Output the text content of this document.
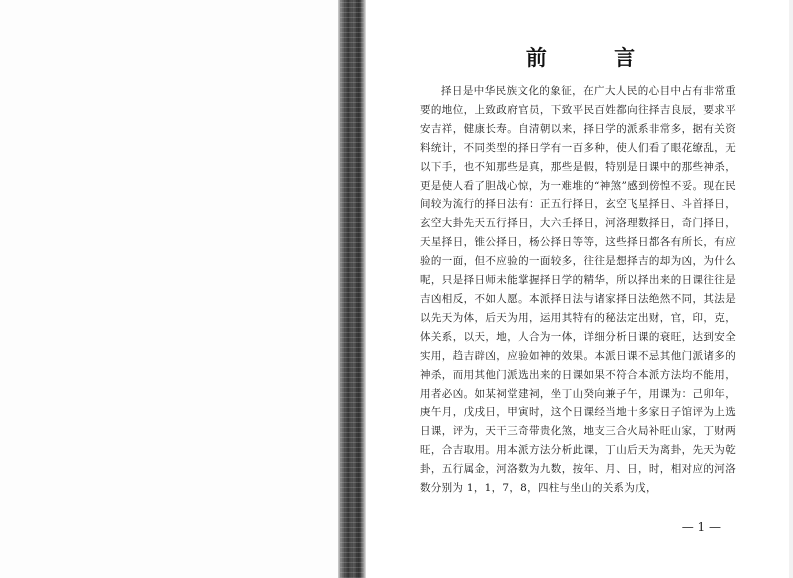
前 言

择日是中华民族文化的象征，在广大人民的心目中占有非常重要的地位，上致政府官员，下致平民百姓都向往择吉良辰，要求平安吉祥，健康长寿。自清朝以来，择日学的派系非常多，据有关资料统计，不同类型的择日学有一百多种，使人们看了眼花缭乱，无以下手，也不知那些是真，那些是假，特别是日课中的那些神杀，更是使人看了胆战心惊，为一难堆的“神煞”感到傍惶不妥。现在民间较为流行的择日法有：正五行择日，玄空飞星择日、斗首择日，玄空大卦先天五行择日，大六壬择日，河洛理数择日，奇门择日，天星择日，锥公择日，杨公择日等等，这些择日都各有所长，有应验的一面，但不应验的一面较多，往往是想择吉的却为凶，为什么呢，只是择日师未能掌握择日学的精华，所以择出来的日课往往是吉凶相反，不如人愿。本派择日法与诸家择日法绝然不同，其法是以先天为体，后天为用，运用其特有的秘法定出财，官，印，克，体关系，以天，地，人合为一体，详细分析日课的衰旺，达到安全实用，趋吉辟凶，应验如神的效果。本派日课不忌其他门派诸多的神杀，而用其他门派选出来的日课如果不符合本派方法均不能用，用者必凶。如某祠堂建祠，坐丁山癸向兼子午，用课为：己卯年，庚午月，戊戌日，甲寅时，这个日课经当地十多家日子馆评为上选日课，评为，天干三奇带贵化煞，地支三合火局补旺山家，丁财两旺，合吉取用。用本派方法分析此课，丁山后天为离卦，先天为乾卦，五行属金，河洛数为九数，按年、月、日，时，相对应的河洛数分别为 1，1，7，8，四柱与坐山的关系为戊，

— 1 —
